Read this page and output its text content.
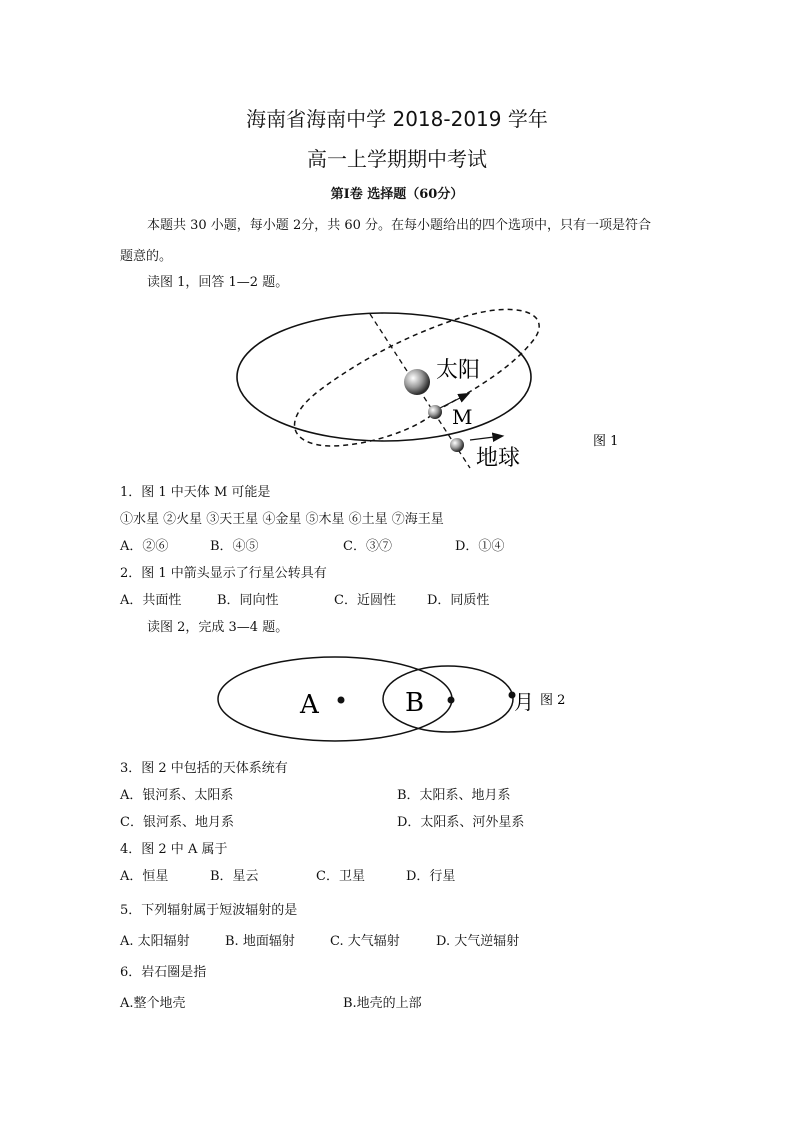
海南省海南中学 2018-2019 学年
高一上学期期中考试
第Ⅰ卷 选择题（60分）
本题共 30 小题，每小题 2分，共 60 分。在每小题给出的四个选项中，只有一项是符合
题意的。
读图 1，回答 1—2 题。
太阳
M
地球
图 1
1．图 1 中天体 M 可能是
①水星 ②火星 ③天王星 ④金星 ⑤木星 ⑥土星 ⑦海王星
A．②⑥	B．④⑤	C．③⑦	D．①④
2．图 1 中箭头显示了行星公转具有
A．共面性	B．同向性	C．近圆性 D．同质性
读图 2，完成 3—4 题。
A	B	月 图 2
3．图 2 中包括的天体系统有
A．银河系、太阳系	B．太阳系、地月系
C．银河系、地月系	D．太阳系、河外星系
4．图 2 中 A 属于
A．恒星	B．星云	C．卫星	D．行星
5．下列辐射属于短波辐射的是
A. 太阳辐射	B. 地面辐射	C. 大气辐射	D. 大气逆辐射
6．岩石圈是指
A.整个地壳	B.地壳的上部
